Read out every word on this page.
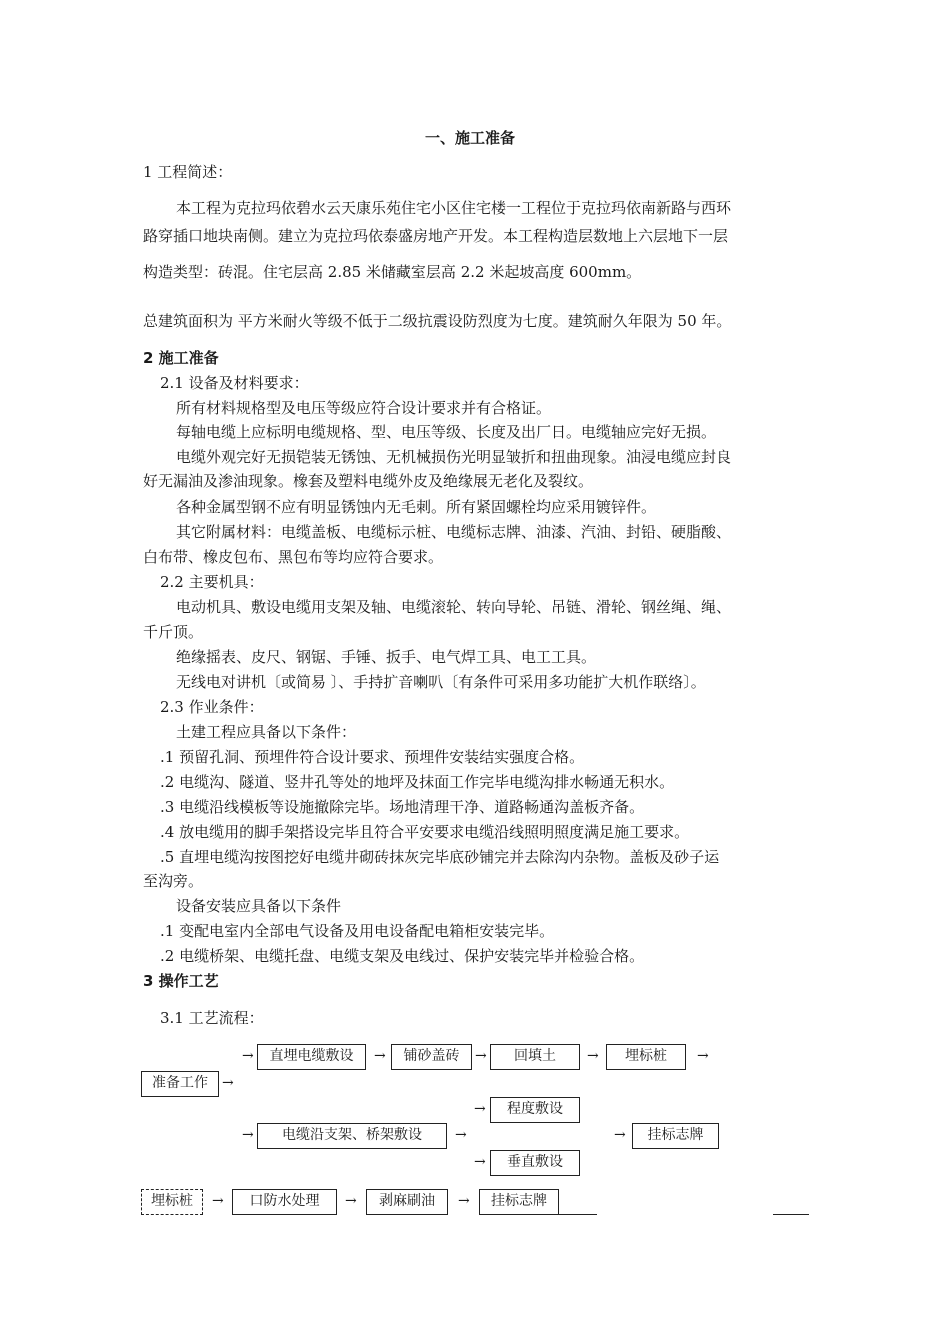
一、施工准备
1 工程简述：
本工程为克拉玛依碧水云天康乐苑住宅小区住宅楼一工程位于克拉玛依南新路与西环
路穿插口地块南侧。建立为克拉玛依泰盛房地产开发。本工程构造层数地上六层地下一层
构造类型：砖混。住宅层高 2.85 米储藏室层高 2.2 米起坡高度 600mm。
总建筑面积为 平方米耐火等级不低于二级抗震设防烈度为七度。建筑耐久年限为 50 年。
2 施工准备
2.1 设备及材料要求：
所有材料规格型及电压等级应符合设计要求并有合格证。
每轴电缆上应标明电缆规格、型、电压等级、长度及出厂日。电缆轴应完好无损。
电缆外观完好无损铠装无锈蚀、无机械损伤光明显皱折和扭曲现象。油浸电缆应封良
好无漏油及渗油现象。橡套及塑料电缆外皮及绝缘展无老化及裂纹。
各种金属型钢不应有明显锈蚀内无毛刺。所有紧固螺栓均应采用镀锌件。
其它附属材料：电缆盖板、电缆标示桩、电缆标志牌、油漆、汽油、封铅、硬脂酸、
白布带、橡皮包布、黑包布等均应符合要求。
2.2 主要机具：
电动机具、敷设电缆用支架及轴、电缆滚轮、转向导轮、吊链、滑轮、钢丝绳、绳、
千斤顶。
绝缘摇表、皮尺、钢锯、手锤、扳手、电气焊工具、电工工具。
无线电对讲机〔或简易 〕、手持扩音喇叭〔有条件可采用多功能扩大机作联络〕。
2.3 作业条件：
土建工程应具备以下条件：
.1 预留孔洞、预埋件符合设计要求、预埋件安装结实强度合格。
.2 电缆沟、隧道、竖井孔等处的地坪及抹面工作完毕电缆沟排水畅通无积水。
.3 电缆沿线模板等设施撤除完毕。场地清理干净、道路畅通沟盖板齐备。
.4 放电缆用的脚手架搭设完毕且符合平安要求电缆沿线照明照度满足施工要求。
.5 直埋电缆沟按图挖好电缆井砌砖抹灰完毕底砂铺完并去除沟内杂物。盖板及砂子运
至沟旁。
设备安装应具备以下条件
.1 变配电室内全部电气设备及用电设备配电箱柜安装完毕。
.2 电缆桥架、电缆托盘、电缆支架及电线过、保护安装完毕并检验合格。
3 操作工艺
3.1 工艺流程：
准备工作	→
→	直埋电缆敷设	→	铺砂盖砖	→	回填土	→	埋标桩	→
程度敷设
→
→	电缆沿支架、桥架敷设	→	→	挂标志牌
→	垂直敷设
埋标桩	→	口防水处理	→	剥麻刷油	→	挂标志牌
